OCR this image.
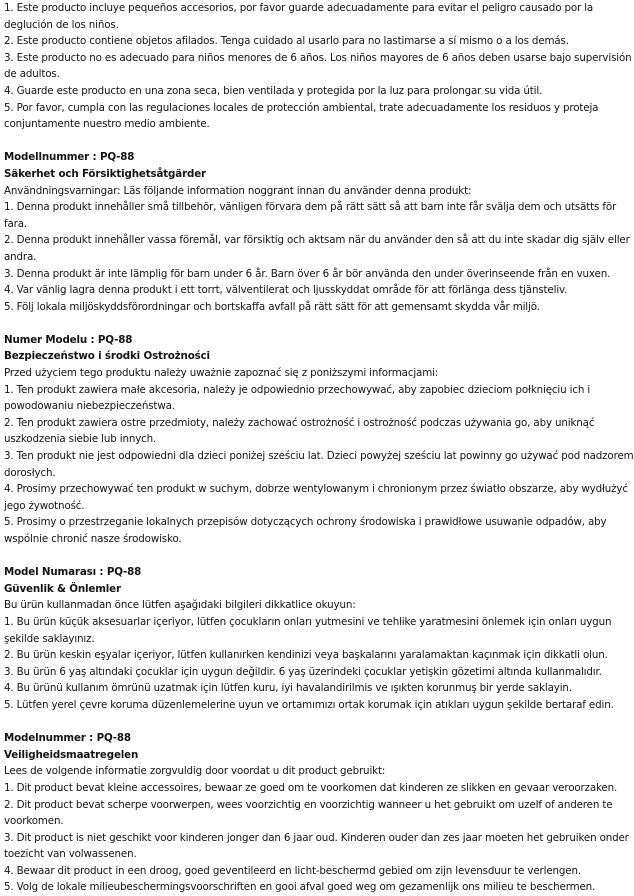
1. Este producto incluye pequeños accesorios, por favor guarde adecuadamente para evitar el peligro causado por la deglución de los niños.

2. Este producto contiene objetos afilados. Tenga cuidado al usarlo para no lastimarse a sí mismo o a los demás.

3. Este producto no es adecuado para niños menores de 6 años. Los niños mayores de 6 años deben usarse bajo supervisión de adultos.

4. Guarde este producto en una zona seca, bien ventilada y protegida por la luz para prolongar su vida útil.

5. Por favor, cumpla con las regulaciones locales de protección ambiental, trate adecuadamente los residuos y proteja conjuntamente nuestro medio ambiente.

Modellnummer : PQ-88

Säkerhet och Försiktighetsåtgärder

Användningsvarningar: Läs följande information noggrant innan du använder denna produkt:

1. Denna produkt innehåller små tillbehör, vänligen förvara dem på rätt sätt så att barn inte får svälja dem och utsätts för fara.

2. Denna produkt innehåller vassa föremål, var försiktig och aktsam när du använder den så att du inte skadar dig själv eller andra.

3. Denna produkt är inte lämplig för barn under 6 år. Barn över 6 år bör använda den under överinseende från en vuxen.

4. Var vänlig lagra denna produkt i ett torrt, välventilerat och ljusskyddat område för att förlänga dess tjänsteliv.

5. Följ lokala miljöskyddsförordningar och bortskaffa avfall på rätt sätt för att gemensamt skydda vår miljö.

Numer Modelu : PQ-88

Bezpieczeństwo i środki Ostrożności

Przed użyciem tego produktu należy uważnie zapoznać się z poniższymi informacjami:

1. Ten produkt zawiera małe akcesoria, należy je odpowiednio przechowywać, aby zapobiec dzieciom połknięciu ich i powodowaniu niebezpieczeństwa.

2. Ten produkt zawiera ostre przedmioty, należy zachować ostrożność i ostrożność podczas używania go, aby uniknąć uszkodzenia siebie lub innych.

3. Ten produkt nie jest odpowiedni dla dzieci poniżej sześciu lat. Dzieci powyżej sześciu lat powinny go używać pod nadzorem dorosłych.

4. Prosimy przechowywać ten produkt w suchym, dobrze wentylowanym i chronionym przez światło obszarze, aby wydłużyć jego żywotność.

5. Prosimy o przestrzeganie lokalnych przepisów dotyczących ochrony środowiska i prawidłowe usuwanie odpadów, aby wspólnie chronić nasze środowisko.

Model Numarası : PQ-88

Güvenlik & Önlemler

Bu ürün kullanmadan önce lütfen aşağıdaki bilgileri dikkatlice okuyun:

1. Bu ürün küçük aksesuarlar içeriyor, lütfen çocukların onları yutmesini ve tehlike yaratmesini önlemek için onları uygun şekilde saklayınız.

2. Bu ürün keskin eşyalar içeriyor, lütfen kullanırken kendinizi veya başkalarını yaralamaktan kaçınmak için dikkatli olun.

3. Bu ürün 6 yaş altındaki çocuklar için uygun değildir. 6 yaş üzerindeki çocuklar yetişkin gözetimi altında kullanmalıdır.

4. Bu ürünü kullanım ömrünü uzatmak için lütfen kuru, iyi havalandirilmis ve ışıkten korunmuş bir yerde saklayin.

5. Lütfen yerel çevre koruma düzenlemelerine uyun ve ortamımızı ortak korumak için atıkları uygun şekilde bertaraf edin.

Modelnummer : PQ-88

Veiligheidsmaatregelen

Lees de volgende informatie zorgvuldig door voordat u dit product gebruikt:

1. Dit product bevat kleine accessoires, bewaar ze goed om te voorkomen dat kinderen ze slikken en gevaar veroorzaken.

2. Dit product bevat scherpe voorwerpen, wees voorzichtig en voorzichtig wanneer u het gebruikt om uzelf of anderen te voorkomen.

3. Dit product is niet geschikt voor kinderen jonger dan 6 jaar oud. Kinderen ouder dan zes jaar moeten het gebruiken onder toezicht van volwassenen.

4. Bewaar dit product in een droog, goed geventileerd en licht-beschermd gebied om zijn levensduur te verlengen.

5. Volg de lokale milieubeschermingsvoorschriften en gooi afval goed weg om gezamenlijk ons milieu te beschermen.
